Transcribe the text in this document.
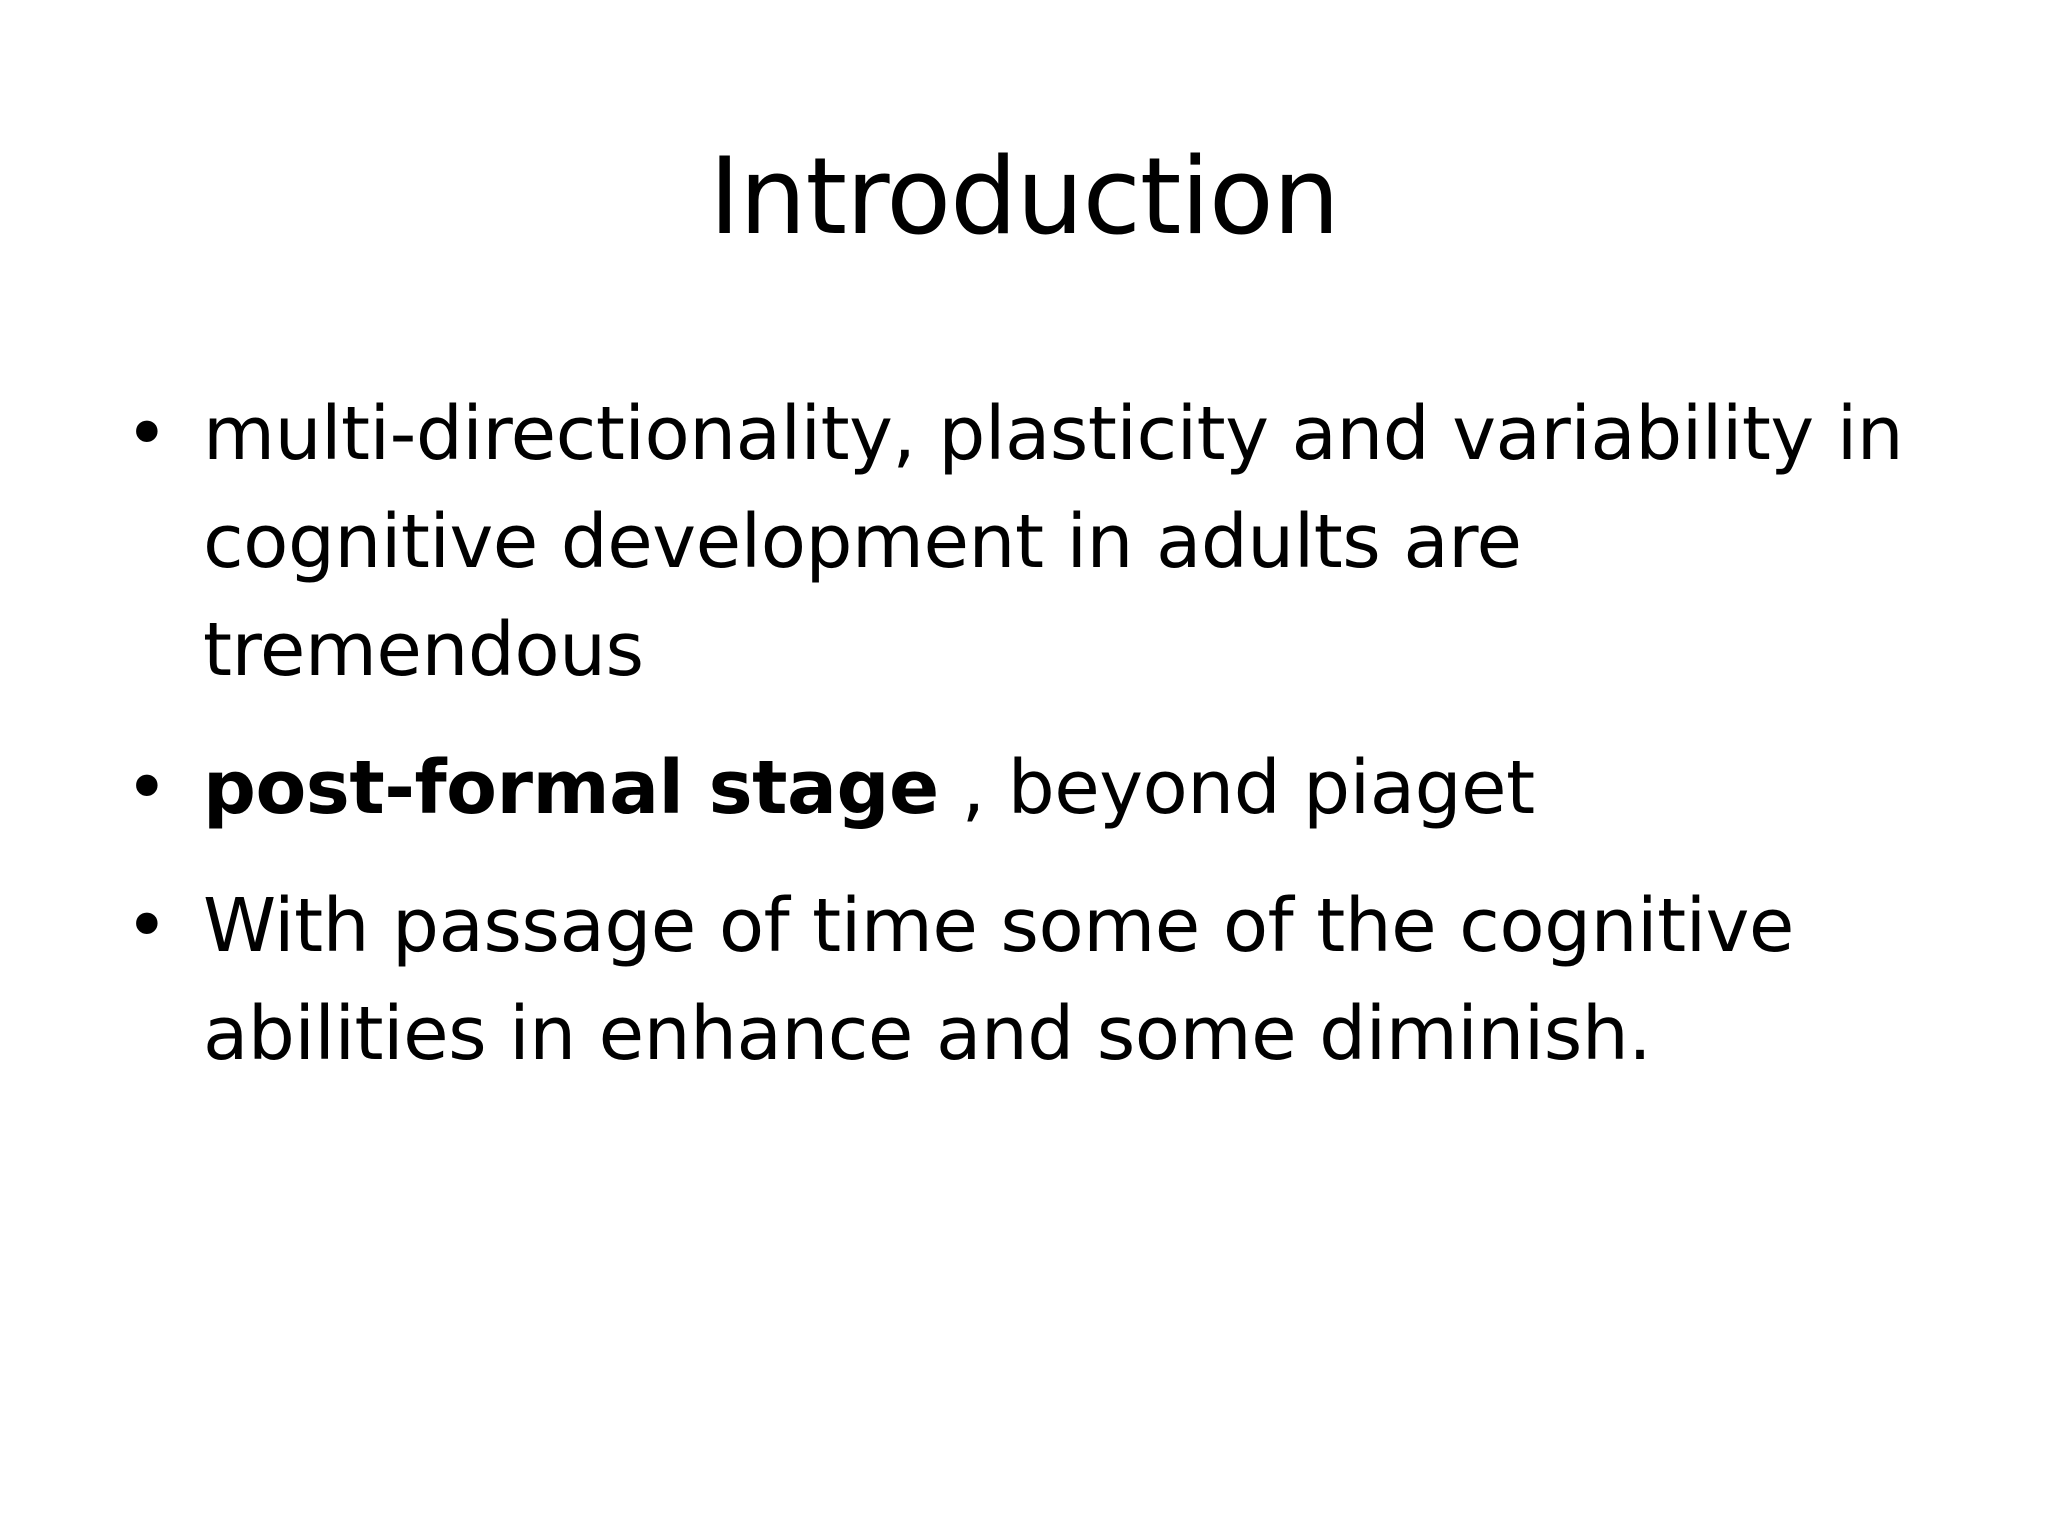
Introduction
• multi-directionality, plasticity and variability in cognitive development in adults are tremendous
• post-formal stage , beyond piaget
• With passage of time some of the cognitive abilities in enhance and some diminish.
